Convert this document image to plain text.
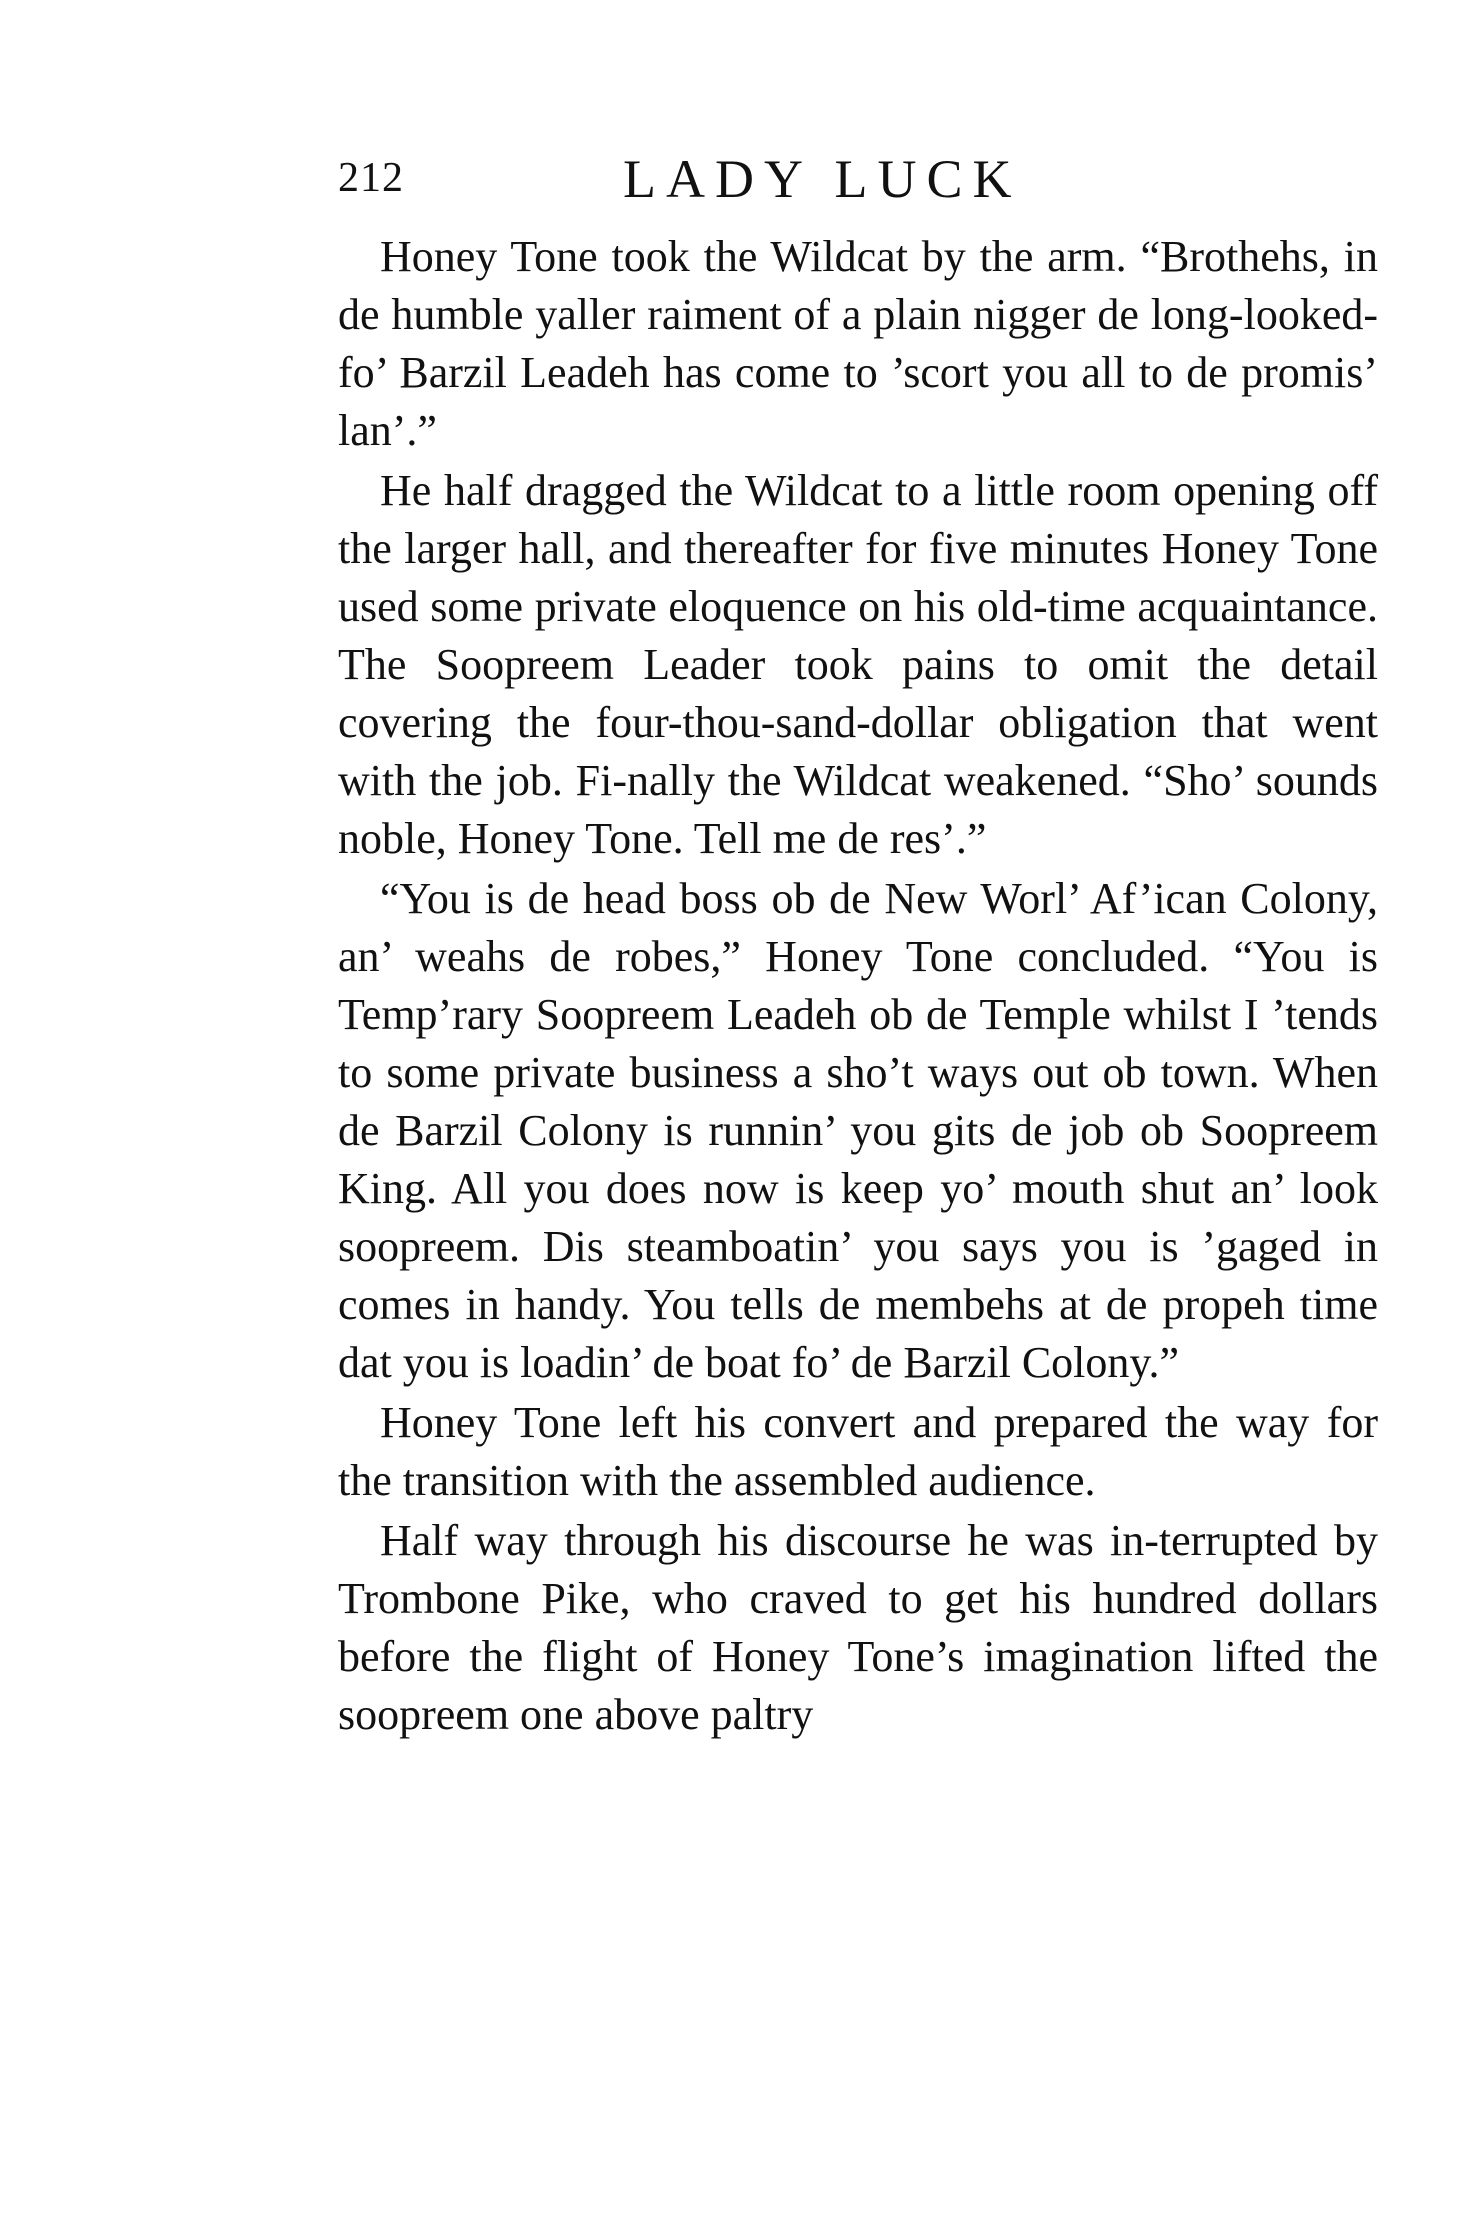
212	LADY LUCK

Honey Tone took the Wildcat by the arm. “Brothehs, in de humble yaller raiment of a plain nigger de long-looked-fo’ Barzil Leadeh has come to ’scort you all to de promis’ lan’.”

He half dragged the Wildcat to a little room opening off the larger hall, and thereafter for five minutes Honey Tone used some private eloquence on his old-time acquaintance. The Soopreem Leader took pains to omit the detail covering the four-thou-sand-dollar obligation that went with the job. Fi-nally the Wildcat weakened. “Sho’ sounds noble, Honey Tone. Tell me de res’.”

“You is de head boss ob de New Worl’ Af’ican Colony, an’ weahs de robes,” Honey Tone concluded. “You is Temp’rary Soopreem Leadeh ob de Temple whilst I ’tends to some private business a sho’t ways out ob town. When de Barzil Colony is runnin’ you gits de job ob Soopreem King. All you does now is keep yo’ mouth shut an’ look soopreem. Dis steamboatin’ you says you is ’gaged in comes in handy. You tells de membehs at de propeh time dat you is loadin’ de boat fo’ de Barzil Colony.”

Honey Tone left his convert and prepared the way for the transition with the assembled audience.

Half way through his discourse he was in-terrupted by Trombone Pike, who craved to get his hundred dollars before the flight of Honey Tone’s imagination lifted the soopreem one above paltry
